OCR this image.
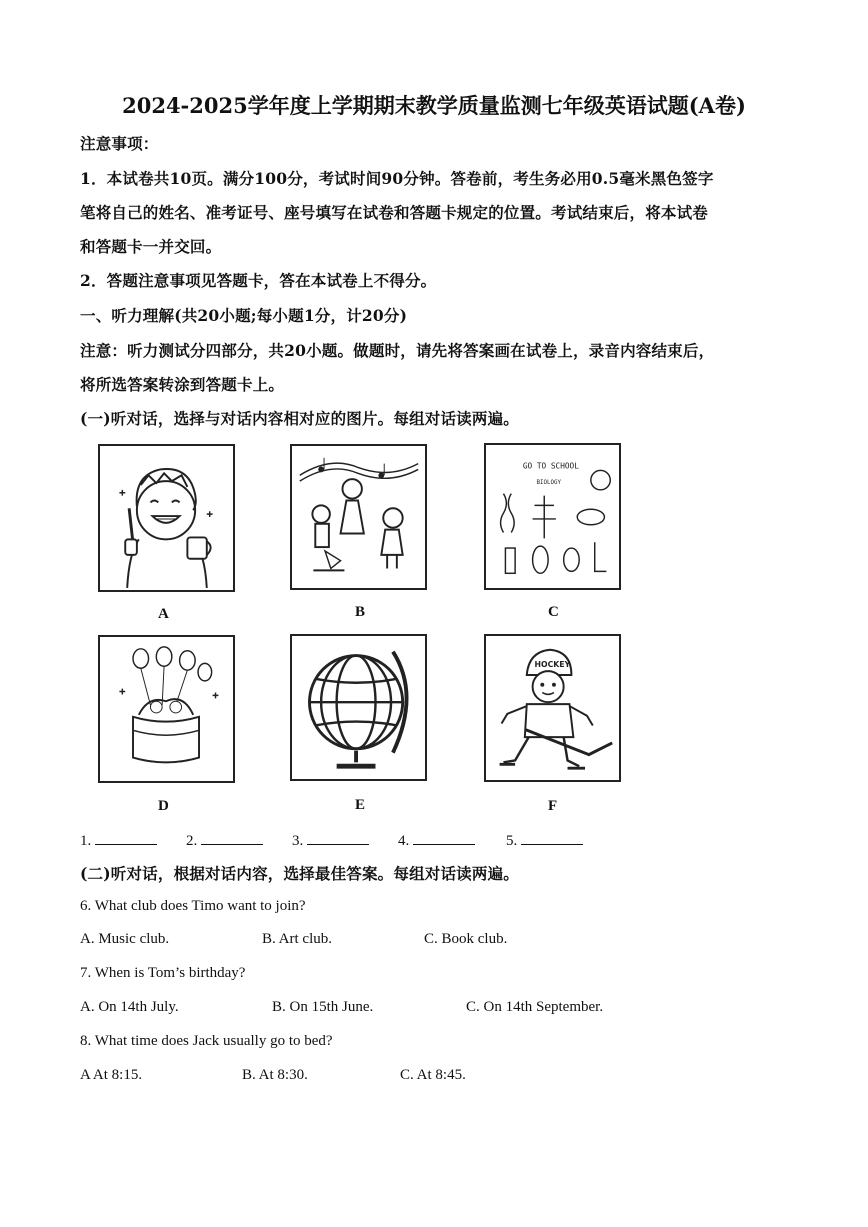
2024-2025学年度上学期期末教学质量监测七年级英语试题(A卷)
注意事项：
1．本试卷共10页。满分100分，考试时间90分钟。答卷前，考生务必用0.5毫米黑色签字
笔将自己的姓名、准考证号、座号填写在试卷和答题卡规定的位置。考试结束后，将本试卷
和答题卡一并交回。
2．答题注意事项见答题卡，答在本试卷上不得分。
一、听力理解(共20小题;每小题1分，计20分)
注意：听力测试分四部分，共20小题。做题时，请先将答案画在试卷上，录音内容结束后，
将所选答案转涂到答题卡上。
(一)听对话，选择与对话内容相对应的图片。每组对话读两遍。
A	B
GO TO SCHOOL
BIOLOGY
C
D	E
HOCKEY
F
1.	2.	3.	4.	5.
(二)听对话，根据对话内容，选择最佳答案。每组对话读两遍。
6. What club does Timo want to join?
A. Music club.	B. Art club.	C. Book club.
7. When is Tom’s birthday?
A. On 14th July.	B. On 15th June.	C. On 14th September.
8. What time does Jack usually go to bed?
A At 8:15.	B. At 8:30.	C. At 8:45.
